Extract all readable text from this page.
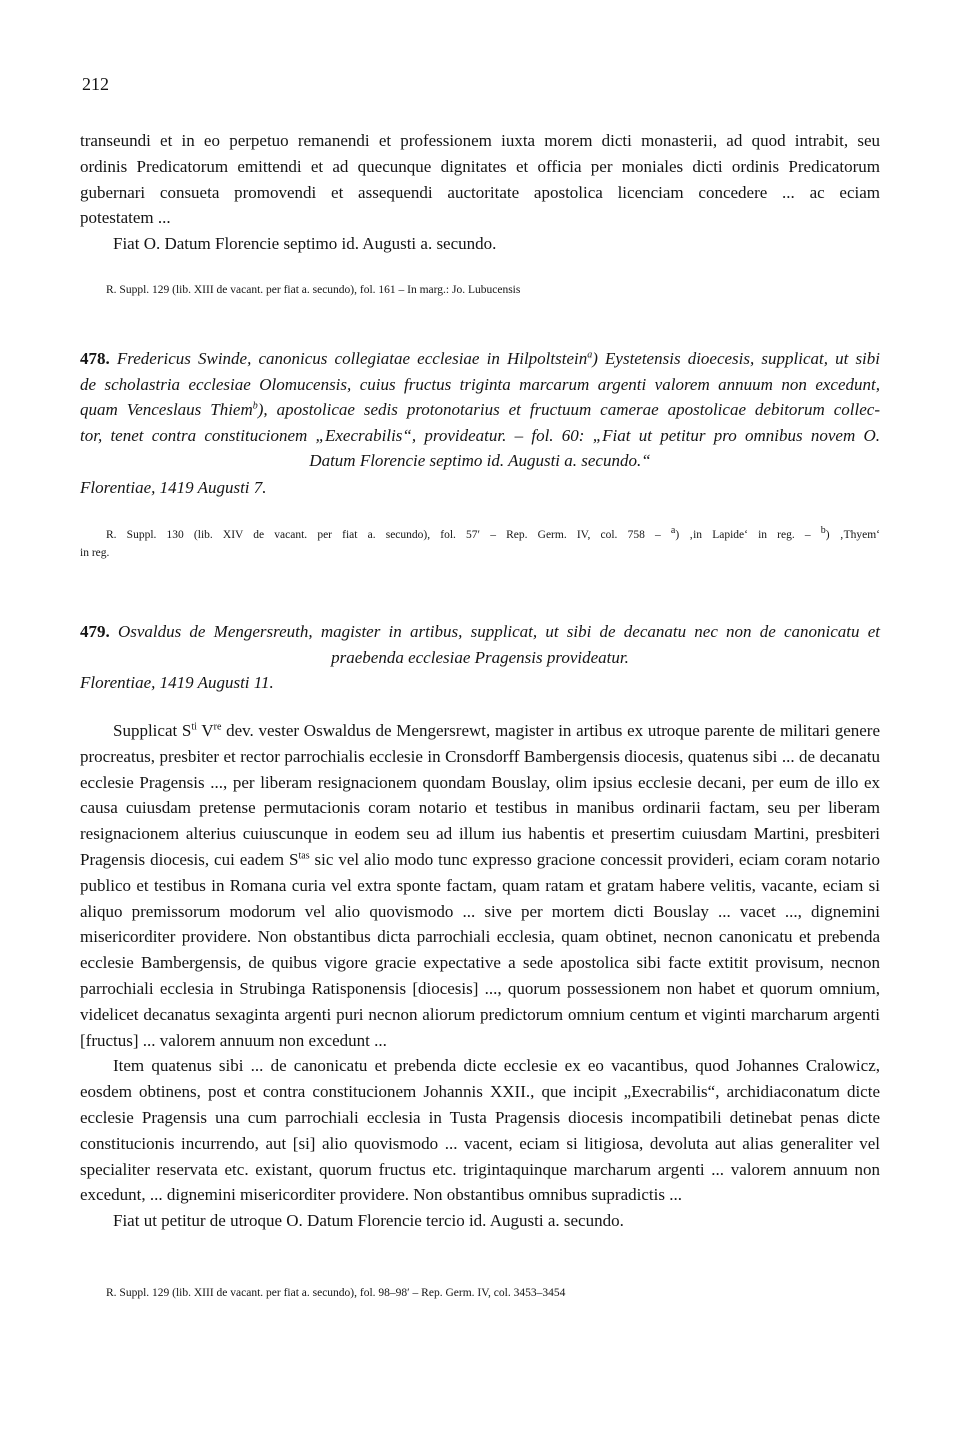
212

transeundi et in eo perpetuo remanendi et professionem iuxta morem dicti monasterii, ad quod intrabit, seu
ordinis Predicatorum emittendi et ad quecunque dignitates et officia per moniales dicti ordinis Predicatorum
gubernari consueta promovendi et assequendi auctoritate apostolica licenciam concedere ... ac eciam
potestatem ...

Fiat O. Datum Florencie septimo id. Augusti a. secundo.

R. Suppl. 129 (lib. XIII de vacant. per fiat a. secundo), fol. 161 – In marg.: Jo. Lubucensis

478. Fredericus Swinde, canonicus collegiatae ecclesiae in Hilpoltstein$^a$) Eystetensis dioecesis, supplicat, ut sibi

de scholastria ecclesiae Olomucensis, cuius fructus triginta marcarum argenti valorem annuum non excedunt,

quam Venceslaus Thiem$^b$), apostolicae sedis protonotarius et fructuum camerae apostolicae debitorum collec-

tor, tenet contra constitucionem „Execrabilis“, provideatur. – fol. 60: „Fiat ut petitur pro omnibus novem O.

Datum Florencie septimo id. Augusti a. secundo.“

Florentiae, 1419 Augusti 7.

R. Suppl. 130 (lib. XIV de vacant. per fiat a. secundo), fol. 57′ – Rep. Germ. IV, col. 758 – $^a$) ‚in Lapide‘ in reg. – $^b$) ‚Thyem‘

in reg.

479. Osvaldus de Mengersreuth, magister in artibus, supplicat, ut sibi de decanatu nec non de canonicatu et

praebenda ecclesiae Pragensis provideatur.

Florentiae, 1419 Augusti 11.

Supplicat $S^{ti}$ Vre dev. vester Oswaldus de Mengersrewt, magister in artibus ex utroque parente de militari genere procreatus, presbiter et rector parrochialis ecclesie in Cronsdorff Bambergensis diocesis, quatenus sibi ... de decanatu ecclesie Pragensis ..., per liberam resignacionem quondam Bouslay, olim ipsius ecclesie decani, per eum de illo ex causa cuiusdam pretense permutacionis coram notario et testibus in manibus ordinarii factam, seu per liberam resignacionem alterius cuiuscunque in eodem seu ad illum ius habentis et presertim cuiusdam Martini, presbiteri Pragensis diocesis, cui eadem $S^{tas}$ sic vel alio modo tunc expresso gracione concessit provideri, eciam coram notario publico et testibus in Romana curia vel extra sponte factam, quam ratam et gratam habere velitis, vacante, eciam si aliquo premissorum modorum vel alio quovismodo ... sive per mortem dicti Bouslay ... vacet ..., dignemini misericorditer providere. Non obstantibus dicta parrochiali ecclesia, quam obtinet, necnon canonicatu et prebenda ecclesie Bambergensis, de quibus vigore gracie expectative a sede apostolica sibi facte extitit provisum, necnon parrochiali ecclesia in Strubinga Ratisponensis [diocesis] ..., quorum possessionem non habet et quorum omnium, videlicet decanatus sexaginta argenti puri necnon aliorum predictorum omnium centum et viginti marcharum argenti [fructus] ... valorem annuum non excedunt ...

Item quatenus sibi ... de canonicatu et prebenda dicte ecclesie ex eo vacantibus, quod Johannes Cralowicz, eosdem obtinens, post et contra constitucionem Johannis XXII., que incipit „Execrabilis“, archidiaconatum dicte ecclesie Pragensis una cum parrochiali ecclesia in Tusta Pragensis diocesis incompatibili detinebat penas dicte constitucionis incurrendo, aut [si] alio quovismodo ... vacent, eciam si litigiosa, devoluta aut alias generaliter vel specialiter reservata etc. existant, quorum fructus etc. trigintaquinque marcharum argenti ... valorem annuum non excedunt, ... dignemini misericorditer providere. Non obstantibus omnibus supradictis ...

Fiat ut petitur de utroque O. Datum Florencie tercio id. Augusti a. secundo.

R. Suppl. 129 (lib. XIII de vacant. per fiat a. secundo), fol. 98–98′ – Rep. Germ. IV, col. 3453–3454
